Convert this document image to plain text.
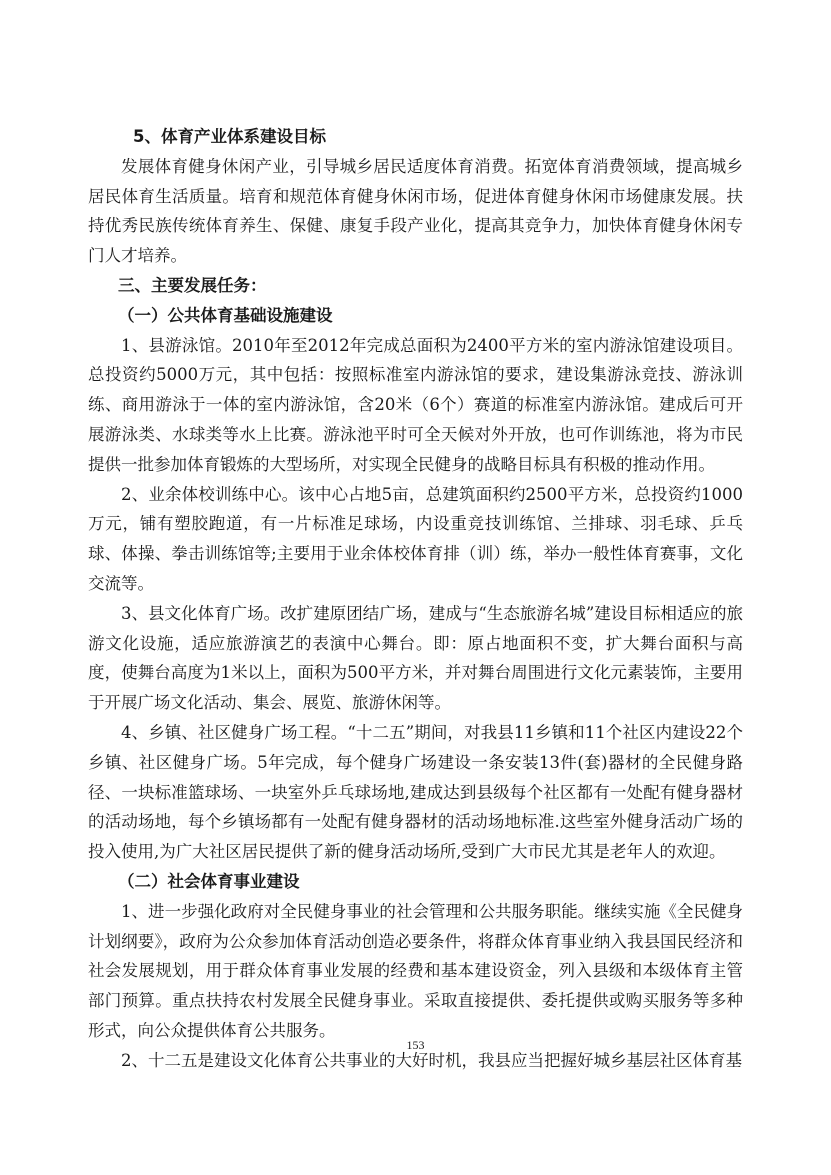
5、体育产业体系建设目标

发展体育健身休闲产业，引导城乡居民适度体育消费。拓宽体育消费领域，提高城乡居民体育生活质量。培育和规范体育健身休闲市场，促进体育健身休闲市场健康发展。扶持优秀民族传统体育养生、保健、康复手段产业化，提高其竞争力，加快体育健身休闲专门人才培养。

三、主要发展任务：

（一）公共体育基础设施建设

1、县游泳馆。2010年至2012年完成总面积为2400平方米的室内游泳馆建设项目。总投资约5000万元，其中包括：按照标准室内游泳馆的要求，建设集游泳竞技、游泳训练、商用游泳于一体的室内游泳馆，含20米（6个）赛道的标准室内游泳馆。建成后可开展游泳类、水球类等水上比赛。游泳池平时可全天候对外开放，也可作训练池，将为市民提供一批参加体育锻炼的大型场所，对实现全民健身的战略目标具有积极的推动作用。

2、业余体校训练中心。该中心占地5亩，总建筑面积约2500平方米，总投资约1000万元，铺有塑胶跑道，有一片标准足球场，内设重竞技训练馆、兰排球、羽毛球、乒乓球、体操、拳击训练馆等;主要用于业余体校体育排（训）练，举办一般性体育赛事，文化交流等。

3、县文化体育广场。改扩建原团结广场，建成与“生态旅游名城”建设目标相适应的旅游文化设施，适应旅游演艺的表演中心舞台。即：原占地面积不变，扩大舞台面积与高度，使舞台高度为1米以上，面积为500平方米，并对舞台周围进行文化元素装饰，主要用于开展广场文化活动、集会、展览、旅游休闲等。

4、乡镇、社区健身广场工程。“十二五”期间，对我县11乡镇和11个社区内建设22个乡镇、社区健身广场。5年完成，每个健身广场建设一条安装13件(套)器材的全民健身路径、一块标准篮球场、一块室外乒乓球场地,建成达到县级每个社区都有一处配有健身器材的活动场地，每个乡镇场都有一处配有健身器材的活动场地标准.这些室外健身活动广场的投入使用,为广大社区居民提供了新的健身活动场所,受到广大市民尤其是老年人的欢迎。

（二）社会体育事业建设

1、进一步强化政府对全民健身事业的社会管理和公共服务职能。继续实施《全民健身计划纲要》，政府为公众参加体育活动创造必要条件，将群众体育事业纳入我县国民经济和社会发展规划，用于群众体育事业发展的经费和基本建设资金，列入县级和本级体育主管部门预算。重点扶持农村发展全民健身事业。采取直接提供、委托提供或购买服务等多种形式，向公众提供体育公共服务。

2、十二五是建设文化体育公共事业的大好时机，我县应当把握好城乡基层社区体育基

153
